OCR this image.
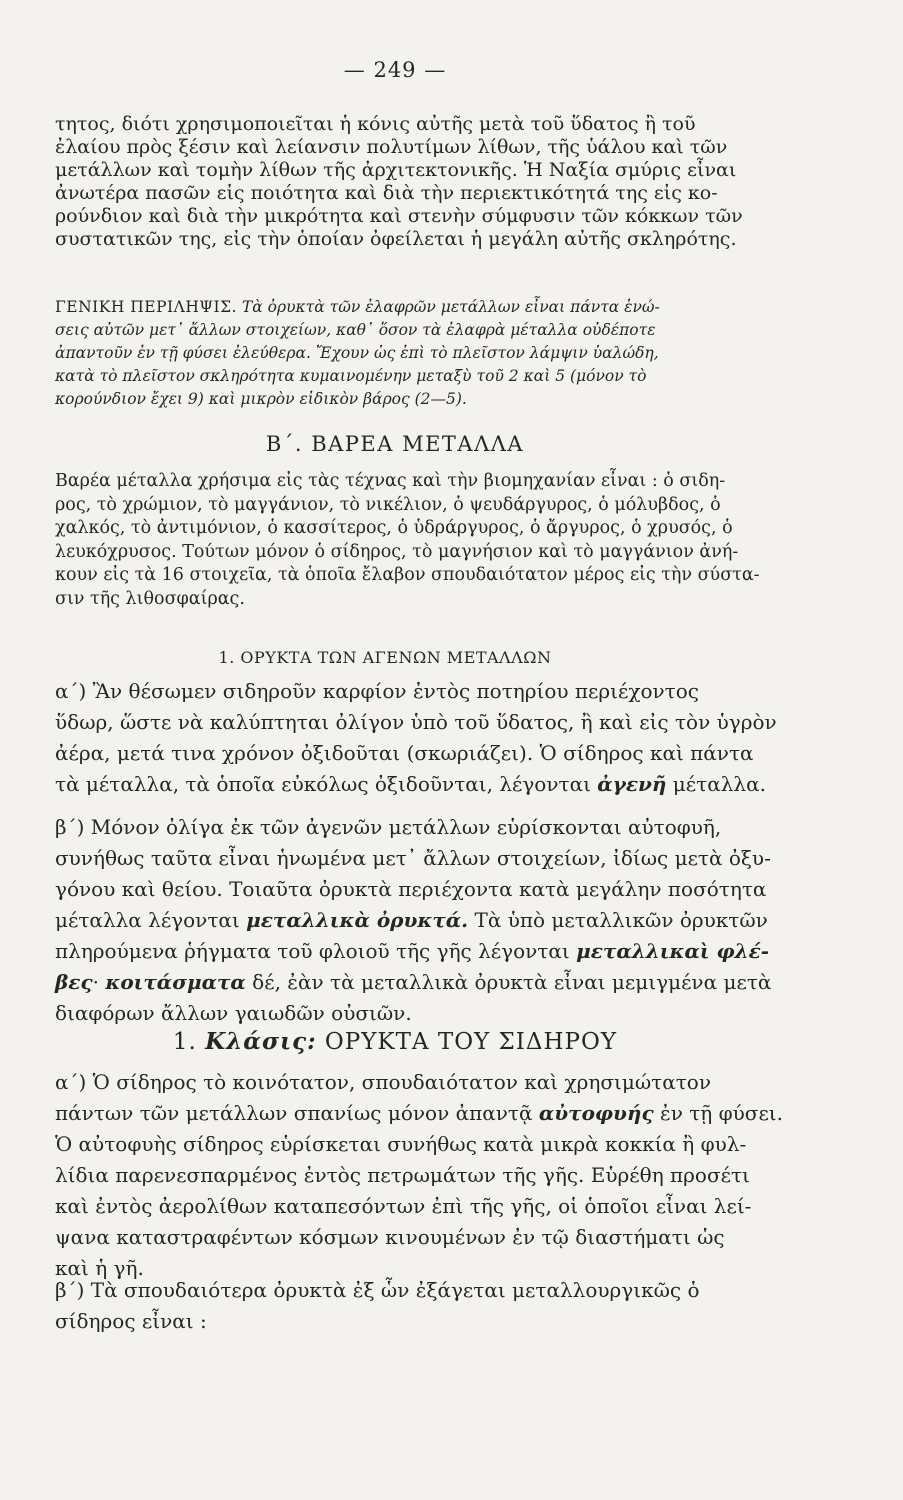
— 249 —
τητος, διότι χρησιμοποιεῖται ἡ κόνις αὐτῆς μετὰ τοῦ ὕδατος ἢ τοῦ
ἐλαίου πρὸς ξέσιν καὶ λείανσιν πολυτίμων λίθων, τῆς ὑάλου καὶ τῶν
μετάλλων καὶ τομὴν λίθων τῆς ἀρχιτεκτονικῆς. Ἡ Ναξία σμύρις εἶναι
ἀνωτέρα πασῶν εἰς ποιότητα καὶ διὰ τὴν περιεκτικότητά της εἰς κο-
ρούνδιον καὶ διὰ τὴν μικρότητα καὶ στενὴν σύμφυσιν τῶν κόκκων τῶν
συστατικῶν της, εἰς τὴν ὁποίαν ὀφείλεται ἡ μεγάλη αὐτῆς σκληρότης.
ΓΕΝΙΚΗ ΠΕΡΙΛΗΨΙΣ. Τὰ ὀρυκτὰ τῶν ἐλαφρῶν μετάλλων εἶναι πάντα ἑνώ-
σεις αὐτῶν μετ᾽ ἄλλων στοιχείων, καθ᾽ ὅσον τὰ ἐλαφρὰ μέταλλα οὐδέποτε
ἀπαντοῦν ἐν τῇ φύσει ἐλεύθερα. Ἔχουν ὡς ἐπὶ τὸ πλεῖστον λάμψιν ὑαλώδη,
κατὰ τὸ πλεῖστον σκληρότητα κυμαινομένην μεταξὺ τοῦ 2 καὶ 5 (μόνον τὸ
κορούνδιον ἔχει 9) καὶ μικρὸν εἰδικὸν βάρος (2—5).
Β΄. ΒΑΡΕΑ ΜΕΤΑΛΛΑ
Βαρέα μέταλλα χρήσιμα εἰς τὰς τέχνας καὶ τὴν βιομηχανίαν εἶναι : ὁ σιδη-
ρος, τὸ χρώμιον, τὸ μαγγάνιον, τὸ νικέλιον, ὁ ψευδάργυρος, ὁ μόλυβδος, ὁ
χαλκός, τὸ ἀντιμόνιον, ὁ κασσίτερος, ὁ ὑδράργυρος, ὁ ἄργυρος, ὁ χρυσός, ὁ
λευκόχρυσος. Τούτων μόνον ὁ σίδηρος, τὸ μαγνήσιον καὶ τὸ μαγγάνιον ἀνή-
κουν εἰς τὰ 16 στοιχεῖα, τὰ ὁποῖα ἔλαβον σπουδαιότατον μέρος εἰς τὴν σύστα-
σιν τῆς λιθοσφαίρας.
1. ΟΡΥΚΤΑ ΤΩΝ ΑΓΕΝΩΝ ΜΕΤΑΛΛΩΝ
α΄) Ἂν θέσωμεν σιδηροῦν καρφίον ἐντὸς ποτηρίου περιέχοντος
ὕδωρ, ὥστε νὰ καλύπτηται ὀλίγον ὑπὸ τοῦ ὕδατος, ἢ καὶ εἰς τὸν ὑγρὸν
ἀέρα, μετά τινα χρόνον ὀξιδοῦται (σκωριάζει). Ὁ σίδηρος καὶ πάντα
τὰ μέταλλα, τὰ ὁποῖα εὐκόλως ὀξιδοῦνται, λέγονται ἀγενῆ μέταλλα.
β΄) Μόνον ὀλίγα ἐκ τῶν ἀγενῶν μετάλλων εὑρίσκονται αὐτοφυῆ,
συνήθως ταῦτα εἶναι ἡνωμένα μετ᾽ ἄλλων στοιχείων, ἰδίως μετὰ ὀξυ-
γόνου καὶ θείου. Τοιαῦτα ὀρυκτὰ περιέχοντα κατὰ μεγάλην ποσότητα
μέταλλα λέγονται μεταλλικὰ ὀρυκτά. Τὰ ὑπὸ μεταλλικῶν ὀρυκτῶν
πληρούμενα ῥήγματα τοῦ φλοιοῦ τῆς γῆς λέγονται μεταλλικαὶ φλέ-
βες· κοιτάσματα δέ, ἐὰν τὰ μεταλλικὰ ὀρυκτὰ εἶναι μεμιγμένα μετὰ
διαφόρων ἄλλων γαιωδῶν οὐσιῶν.
1. Κλάσις: ΟΡΥΚΤΑ ΤΟΥ ΣΙΔΗΡΟΥ
α΄) Ὁ σίδηρος τὸ κοινότατον, σπουδαιότατον καὶ χρησιμώτατον
πάντων τῶν μετάλλων σπανίως μόνον ἀπαντᾷ αὐτοφυής ἐν τῇ φύσει.
Ὁ αὐτοφυὴς σίδηρος εὑρίσκεται συνήθως κατὰ μικρὰ κοκκία ἢ φυλ-
λίδια παρενεσπαρμένος ἐντὸς πετρωμάτων τῆς γῆς. Εὑρέθη προσέτι
καὶ ἐντὸς ἀερολίθων καταπεσόντων ἐπὶ τῆς γῆς, οἱ ὁποῖοι εἶναι λεί-
ψανα καταστραφέντων κόσμων κινουμένων ἐν τῷ διαστήματι ὡς
καὶ ἡ γῆ.
β΄) Τὰ σπουδαιότερα ὀρυκτὰ ἐξ ὧν ἐξάγεται μεταλλουργικῶς ὁ
σίδηρος εἶναι :
